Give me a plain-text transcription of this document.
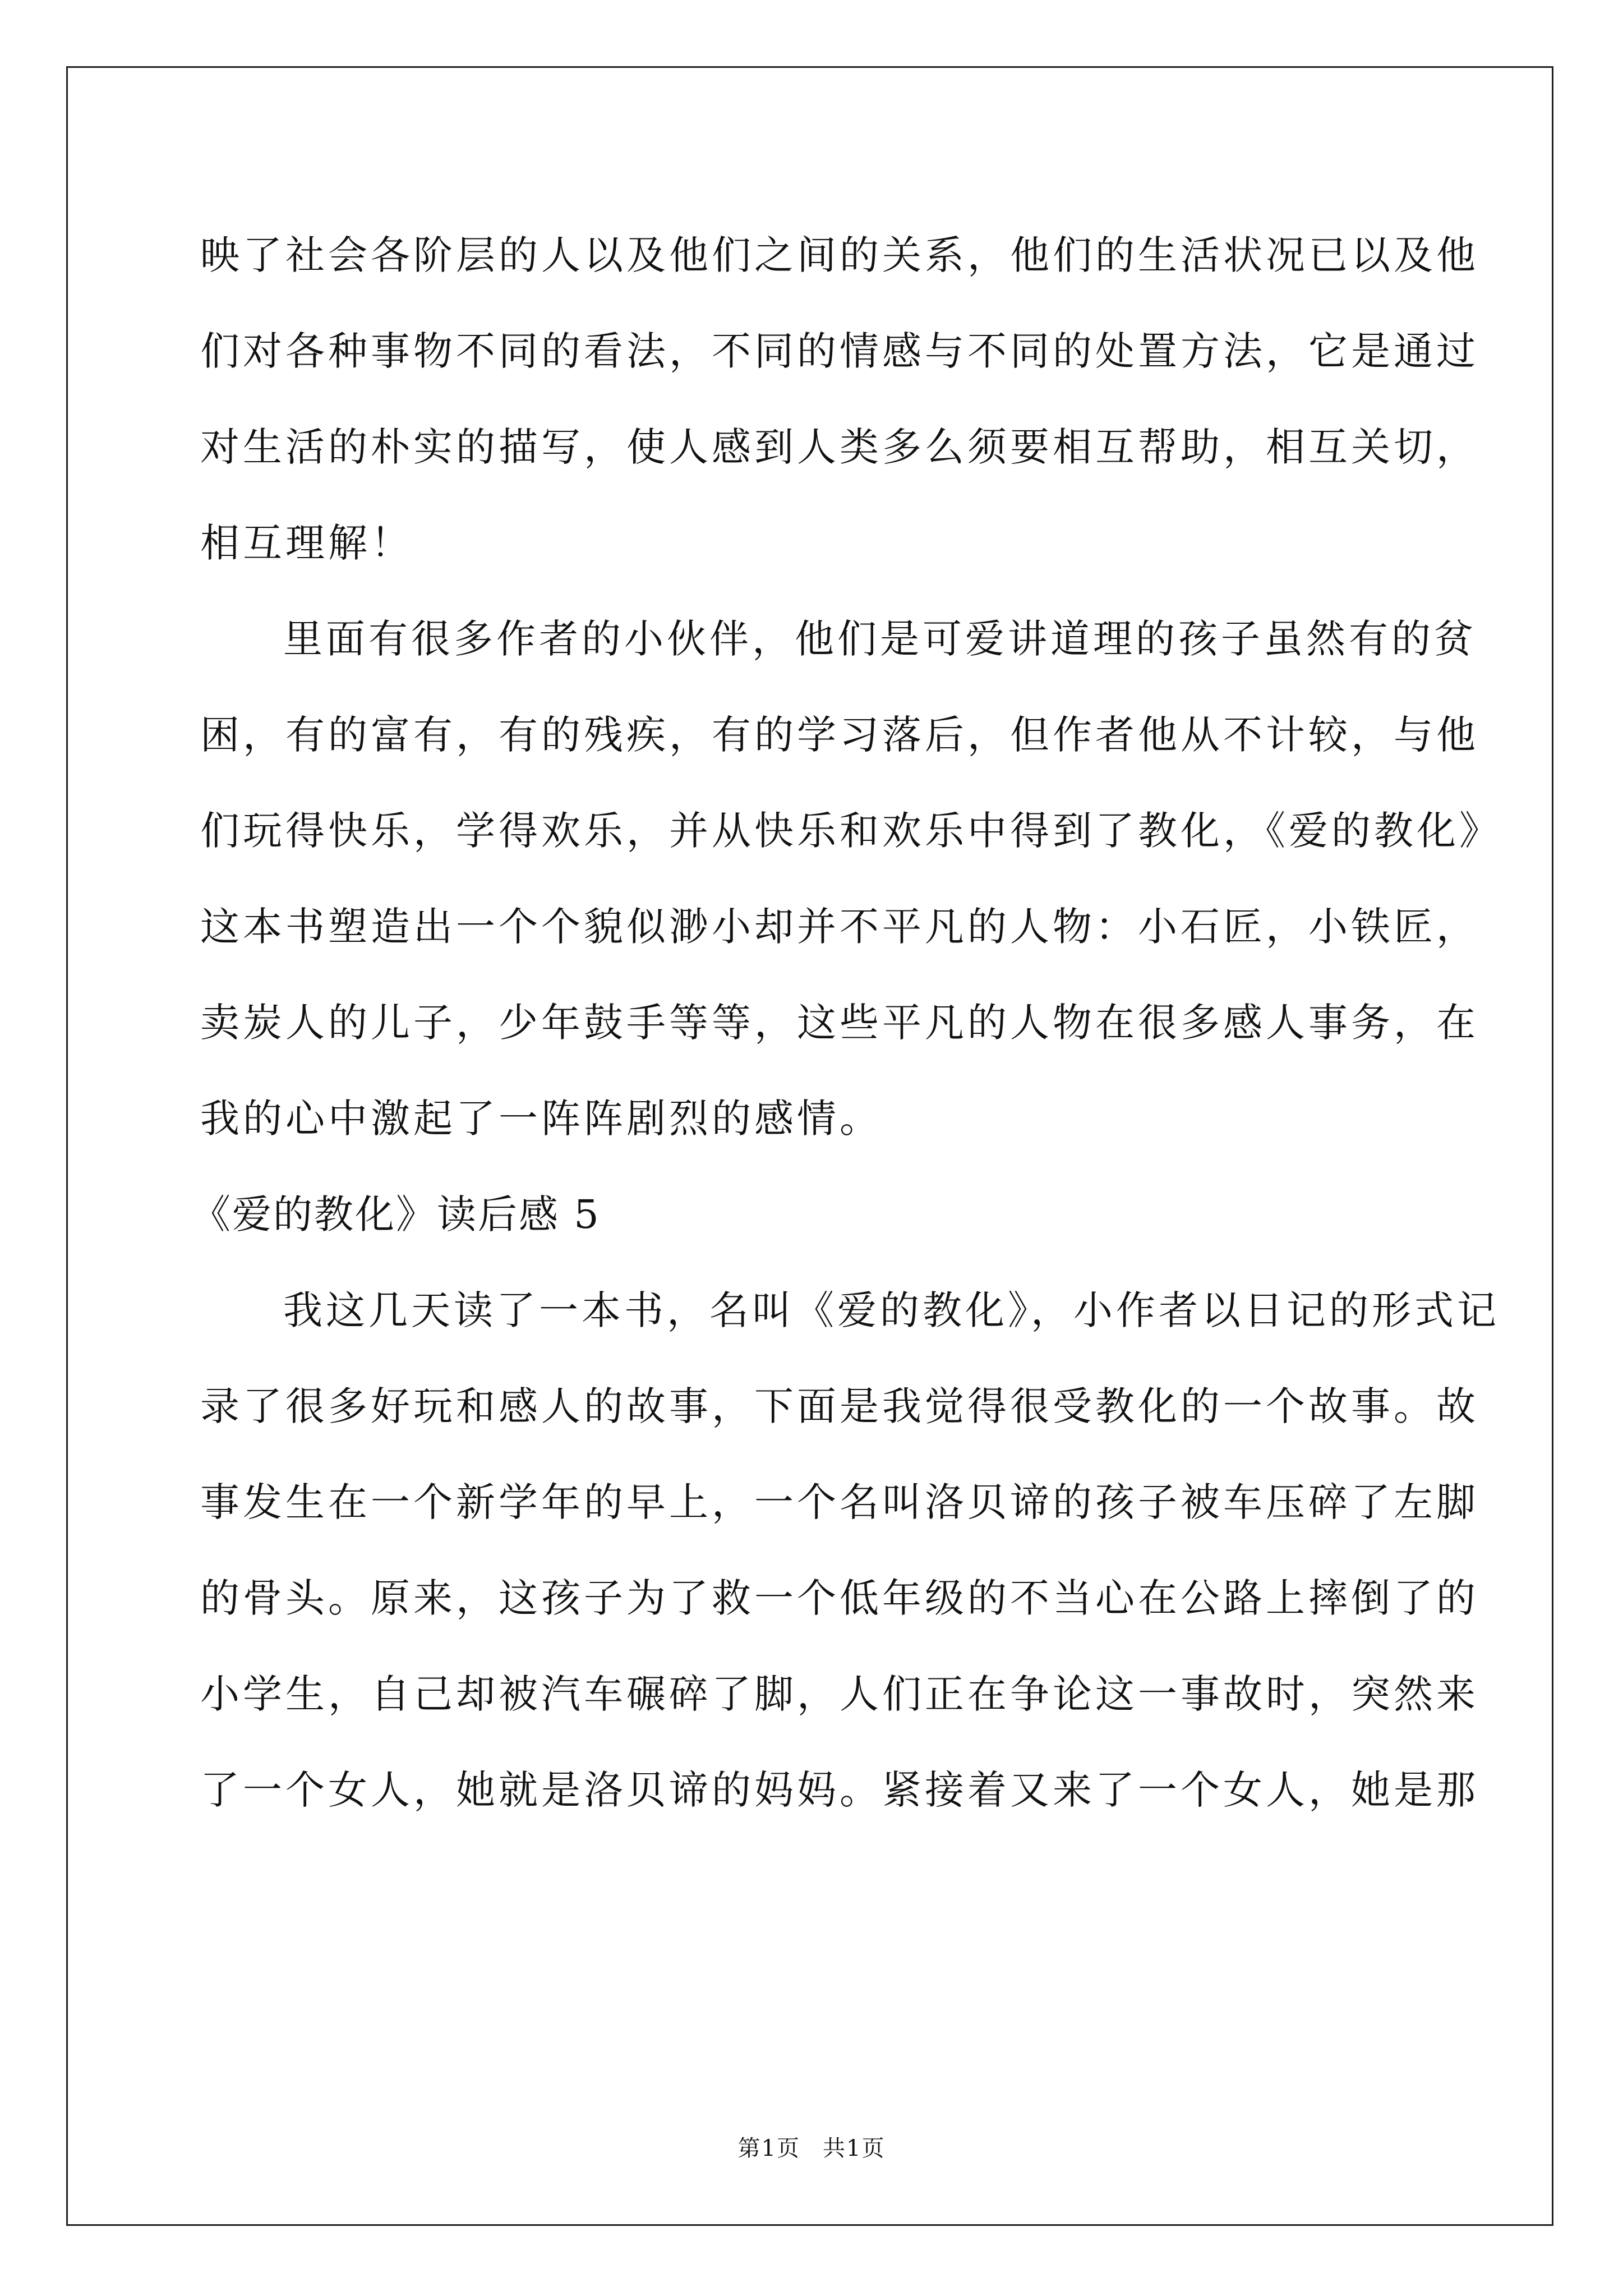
映了社会各阶层的人以及他们之间的关系，他们的生活状况已以及他
们对各种事物不同的看法，不同的情感与不同的处置方法，它是通过
对生活的朴实的描写，使人感到人类多么须要相互帮助，相互关切，
相互理解！
里面有很多作者的小伙伴，他们是可爱讲道理的孩子虽然有的贫
困，有的富有，有的残疾，有的学习落后，但作者他从不计较，与他
们玩得快乐，学得欢乐，并从快乐和欢乐中得到了教化，《爱的教化》
这本书塑造出一个个貌似渺小却并不平凡的人物：小石匠，小铁匠，
卖炭人的儿子，少年鼓手等等，这些平凡的人物在很多感人事务，在
我的心中激起了一阵阵剧烈的感情。
《爱的教化》读后感 5
我这几天读了一本书，名叫《爱的教化》，小作者以日记的形式记
录了很多好玩和感人的故事，下面是我觉得很受教化的一个故事。故
事发生在一个新学年的早上，一个名叫洛贝谛的孩子被车压碎了左脚
的骨头。原来，这孩子为了救一个低年级的不当心在公路上摔倒了的
小学生，自己却被汽车碾碎了脚，人们正在争论这一事故时，突然来
了一个女人，她就是洛贝谛的妈妈。紧接着又来了一个女人，她是那
第1页 共1页
